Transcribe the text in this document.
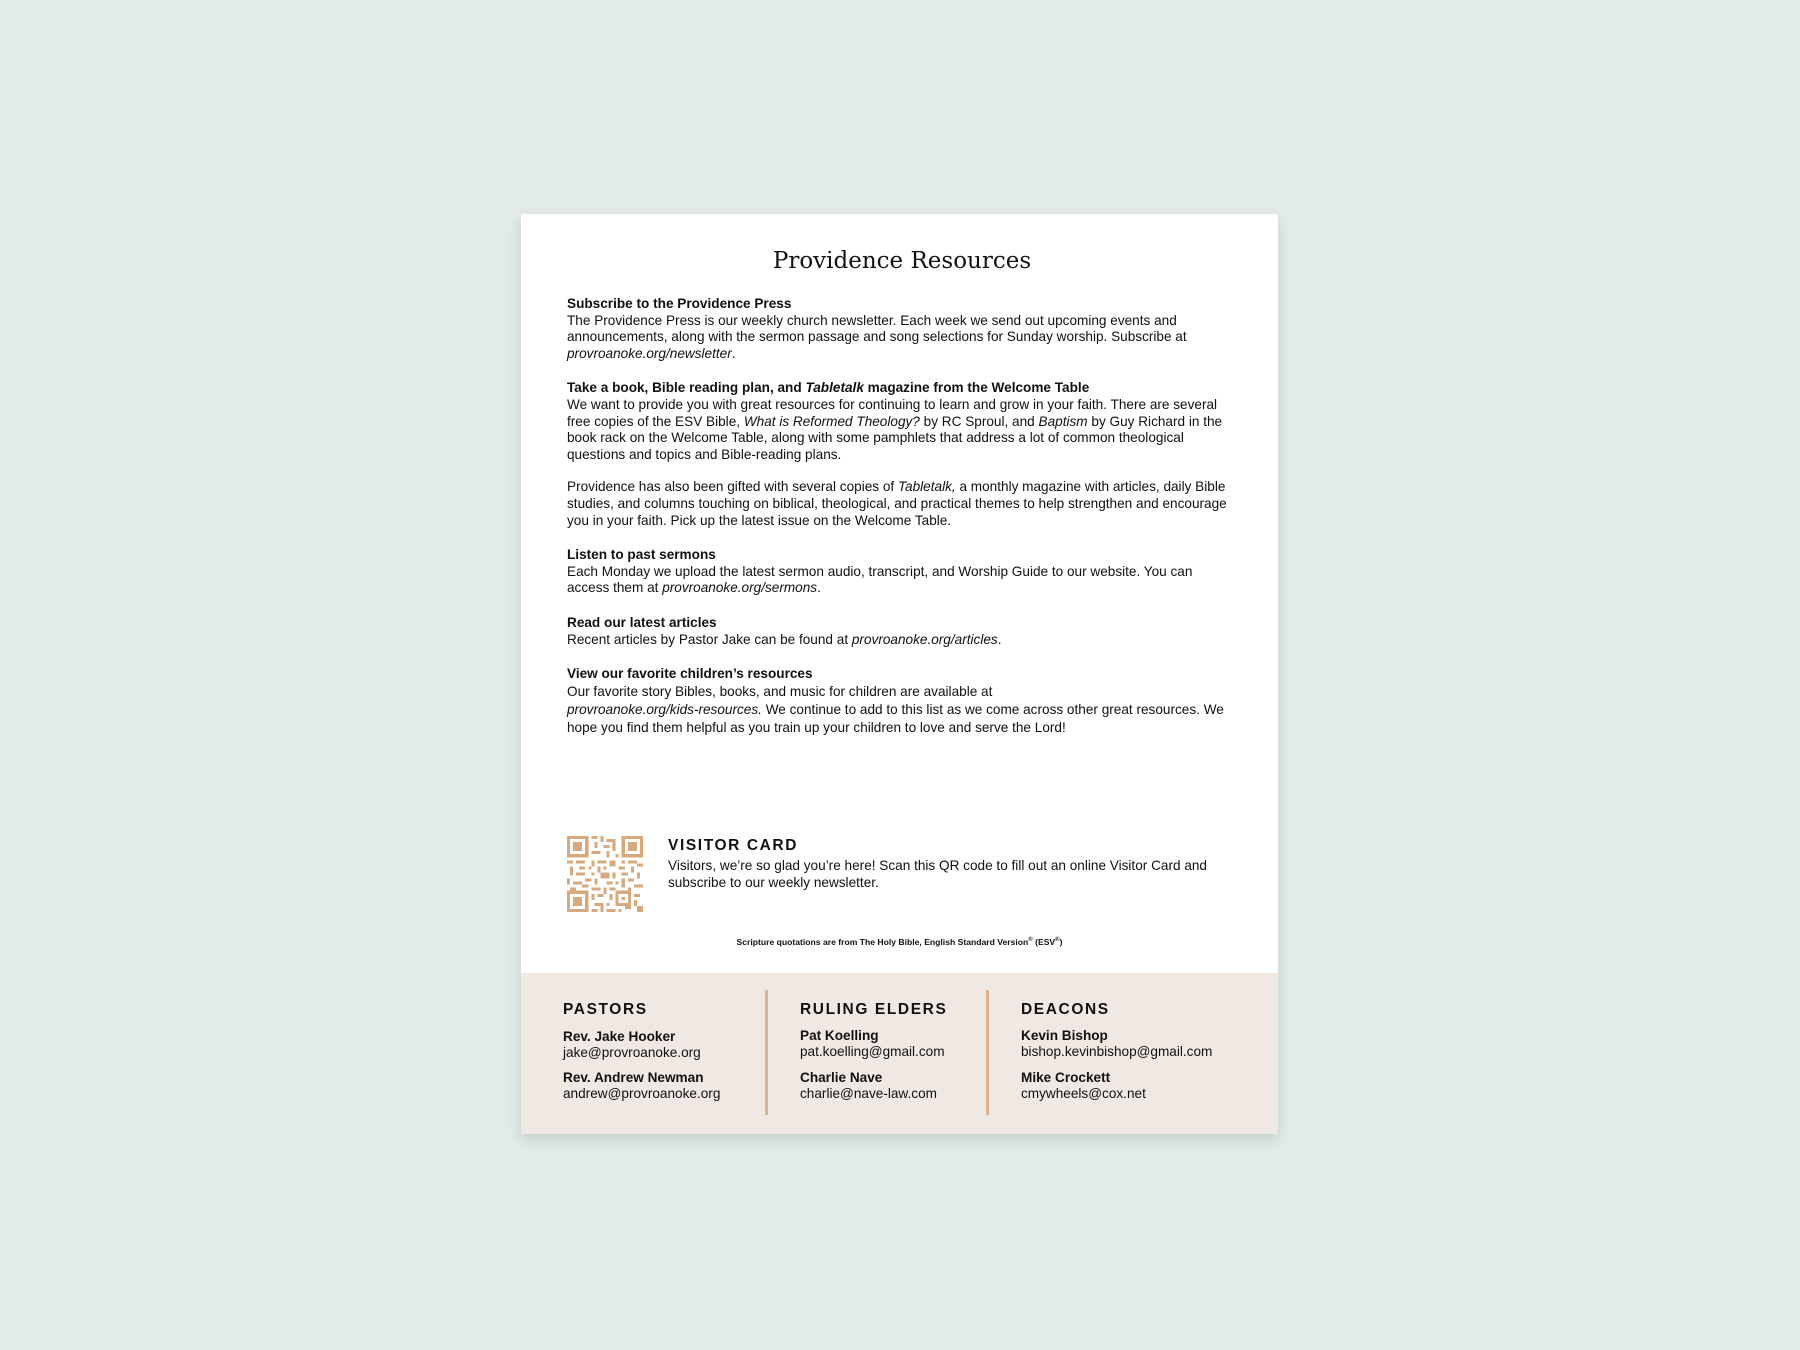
Providence Resources
Subscribe to the Providence Press

The Providence Press is our weekly church newsletter. Each week we send out upcoming events and announcements, along with the sermon passage and song selections for Sunday worship. Subscribe at provroanoke.org/newsletter.

Take a book, Bible reading plan, and Tabletalk magazine from the Welcome Table

We want to provide you with great resources for continuing to learn and grow in your faith. There are several free copies of the ESV Bible, What is Reformed Theology? by RC Sproul, and Baptism by Guy Richard in the book rack on the Welcome Table, along with some pamphlets that address a lot of common theological questions and topics and Bible-reading plans.

Providence has also been gifted with several copies of Tabletalk, a monthly magazine with articles, daily Bible studies, and columns touching on biblical, theological, and practical themes to help strengthen and encourage you in your faith. Pick up the latest issue on the Welcome Table.

Listen to past sermons

Each Monday we upload the latest sermon audio, transcript, and Worship Guide to our website. You can access them at provroanoke.org/sermons.

Read our latest articles

Recent articles by Pastor Jake can be found at provroanoke.org/articles.

View our favorite children’s resources

Our favorite story Bibles, books, and music for children are available at
provroanoke.org/kids-resources. We continue to add to this list as we come across other great resources. We hope you find them helpful as you train up your children to love and serve the Lord!

VISITOR CARD

Visitors, we’re so glad you’re here! Scan this QR code to fill out an online Visitor Card and subscribe to our weekly newsletter.

Scripture quotations are from The Holy Bible, English Standard Version® (ESV®)
PASTORS
Rev. Jake Hooker
jake@provroanoke.org
Rev. Andrew Newman
andrew@provroanoke.org
RULING ELDERS
Pat Koelling
pat.koelling@gmail.com
Charlie Nave
charlie@nave-law.com
DEACONS
Kevin Bishop
bishop.kevinbishop@gmail.com
Mike Crockett
cmywheels@cox.net
